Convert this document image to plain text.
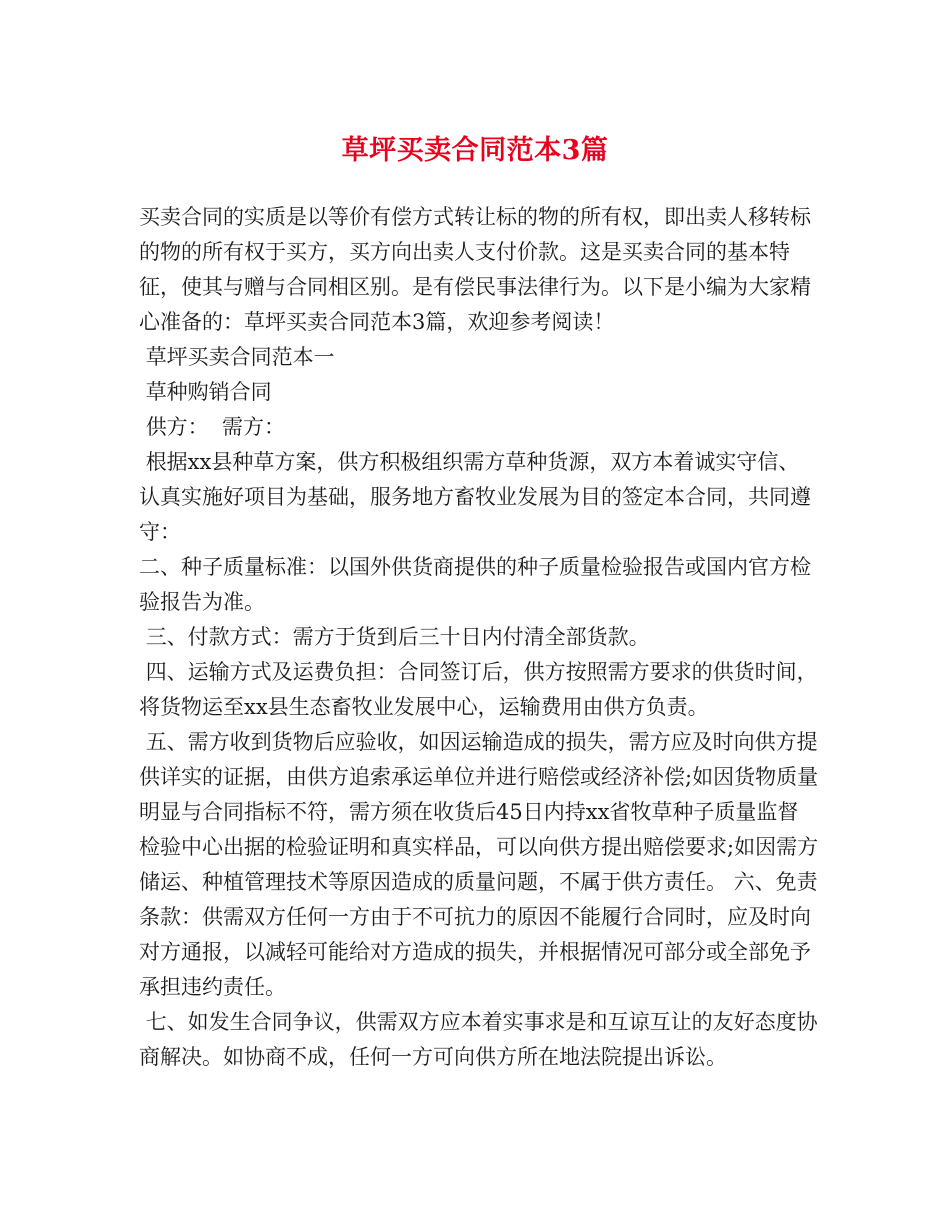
草坪买卖合同范本3篇

买卖合同的实质是以等价有偿方式转让标的物的所有权，即出卖人移转标的物的所有权于买方，买方向出卖人支付价款。这是买卖合同的基本特征，使其与赠与合同相区别。是有偿民事法律行为。以下是小编为大家精心准备的：草坪买卖合同范本3篇，欢迎参考阅读！

草坪买卖合同范本一

草种购销合同

供方：  需方：

根据xx县种草方案，供方积极组织需方草种货源，双方本着诚实守信、认真实施好项目为基础，服务地方畜牧业发展为目的签定本合同，共同遵守：

二、种子质量标准：以国外供货商提供的种子质量检验报告或国内官方检验报告为准。

三、付款方式：需方于货到后三十日内付清全部货款。

四、运输方式及运费负担：合同签订后，供方按照需方要求的供货时间，将货物运至xx县生态畜牧业发展中心，运输费用由供方负责。

五、需方收到货物后应验收，如因运输造成的损失，需方应及时向供方提供详实的证据，由供方追索承运单位并进行赔偿或经济补偿;如因货物质量明显与合同指标不符，需方须在收货后45日内持xx省牧草种子质量监督检验中心出据的检验证明和真实样品，可以向供方提出赔偿要求;如因需方储运、种植管理技术等原因造成的质量问题，不属于供方责任。 六、免责条款：供需双方任何一方由于不可抗力的原因不能履行合同时，应及时向对方通报，以减轻可能给对方造成的损失，并根据情况可部分或全部免予承担违约责任。

七、如发生合同争议，供需双方应本着实事求是和互谅互让的友好态度协商解决。如协商不成，任何一方可向供方所在地法院提出诉讼。
